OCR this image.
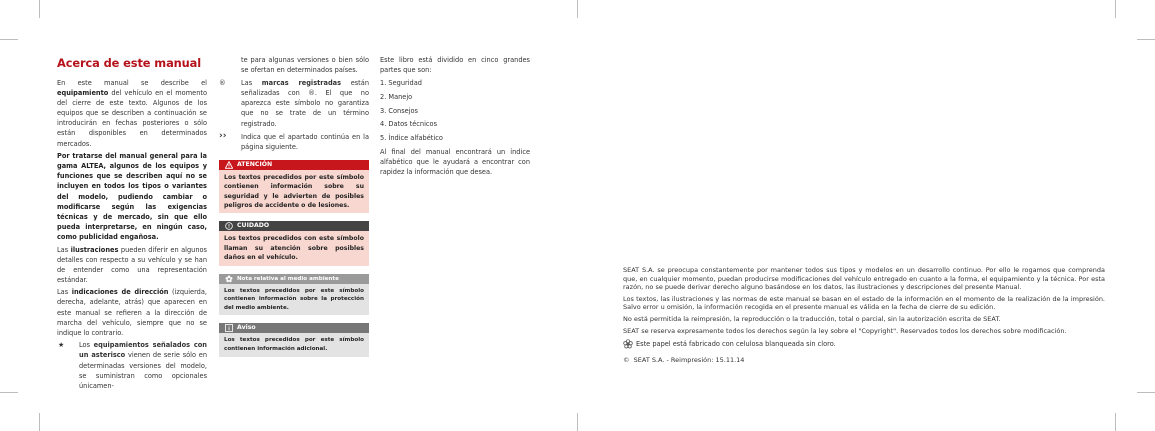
Acerca de este manual

En este manual se describe el equipamiento del vehículo en el momento del cierre de este texto. Algunos de los equipos que se describen a continuación se introducirán en fechas posteriores o sólo están disponibles en determinados mercados.

Por tratarse del manual general para la gama ALTEA, algunos de los equipos y funciones que se describen aquí no se incluyen en todos los tipos o variantes del modelo, pudiendo cambiar o modificarse según las exigencias técnicas y de mercado, sin que ello pueda interpretarse, en ningún caso, como publicidad engañosa.

Las ilustraciones pueden diferir en algunos detalles con respecto a su vehículo y se han de entender como una representación estándar.

Las indicaciones de dirección (izquierda, derecha, adelante, atrás) que aparecen en este manual se refieren a la dirección de marcha del vehículo, siempre que no se indique lo contrario.

★	Los equipamientos señalados con un asterisco vienen de serie sólo en determinadas versiones del modelo, se suministran como opcionales únicamen-
te para algunas versiones o bien sólo se ofertan en determinados países.
®	Las marcas registradas están señalizadas con ®. El que no aparezca este símbolo no garantiza que no se trate de un término registrado.
››	Indica que el apartado continúa en la página siguiente.
ATENCIÓN
Los textos precedidos por este símbolo contienen información sobre su seguridad y le advierten de posibles peligros de accidente o de lesiones.
CUIDADO
Los textos precedidos con este símbolo llaman su atención sobre posibles daños en el vehículo.
Nota relativa al medio ambiente
Los textos precedidos por este símbolo contienen información sobre la protección del medio ambiente.
Aviso
Los textos precedidos por este símbolo contienen información adicional.

Este libro está dividido en cinco grandes partes que son:

1. Seguridad
2. Manejo
3. Consejos
4. Datos técnicos
5. Índice alfabético

Al final del manual encontrará un índice alfabético que le ayudará a encontrar con rapidez la información que desea.

SEAT S.A. se preocupa constantemente por mantener todos sus tipos y modelos en un desarrollo continuo. Por ello le rogamos que comprenda que, en cualquier momento, puedan producirse modificaciones del vehículo entregado en cuanto a la forma, el equipamiento y la técnica. Por esta razón, no se puede derivar derecho alguno basándose en los datos, las ilustraciones y descripciones del presente Manual.

Los textos, las ilustraciones y las normas de este manual se basan en el estado de la información en el momento de la realización de la impresión. Salvo error u omisión, la información recogida en el presente manual es válida en la fecha de cierre de su edición.

No está permitida la reimpresión, la reproducción o la traducción, total o parcial, sin la autorización escrita de SEAT.

SEAT se reserva expresamente todos los derechos según la ley sobre el "Copyright". Reservados todos los derechos sobre modificación.

Este papel está fabricado con celulosa blanqueada sin cloro.

© SEAT S.A. - Reimpresión: 15.11.14
